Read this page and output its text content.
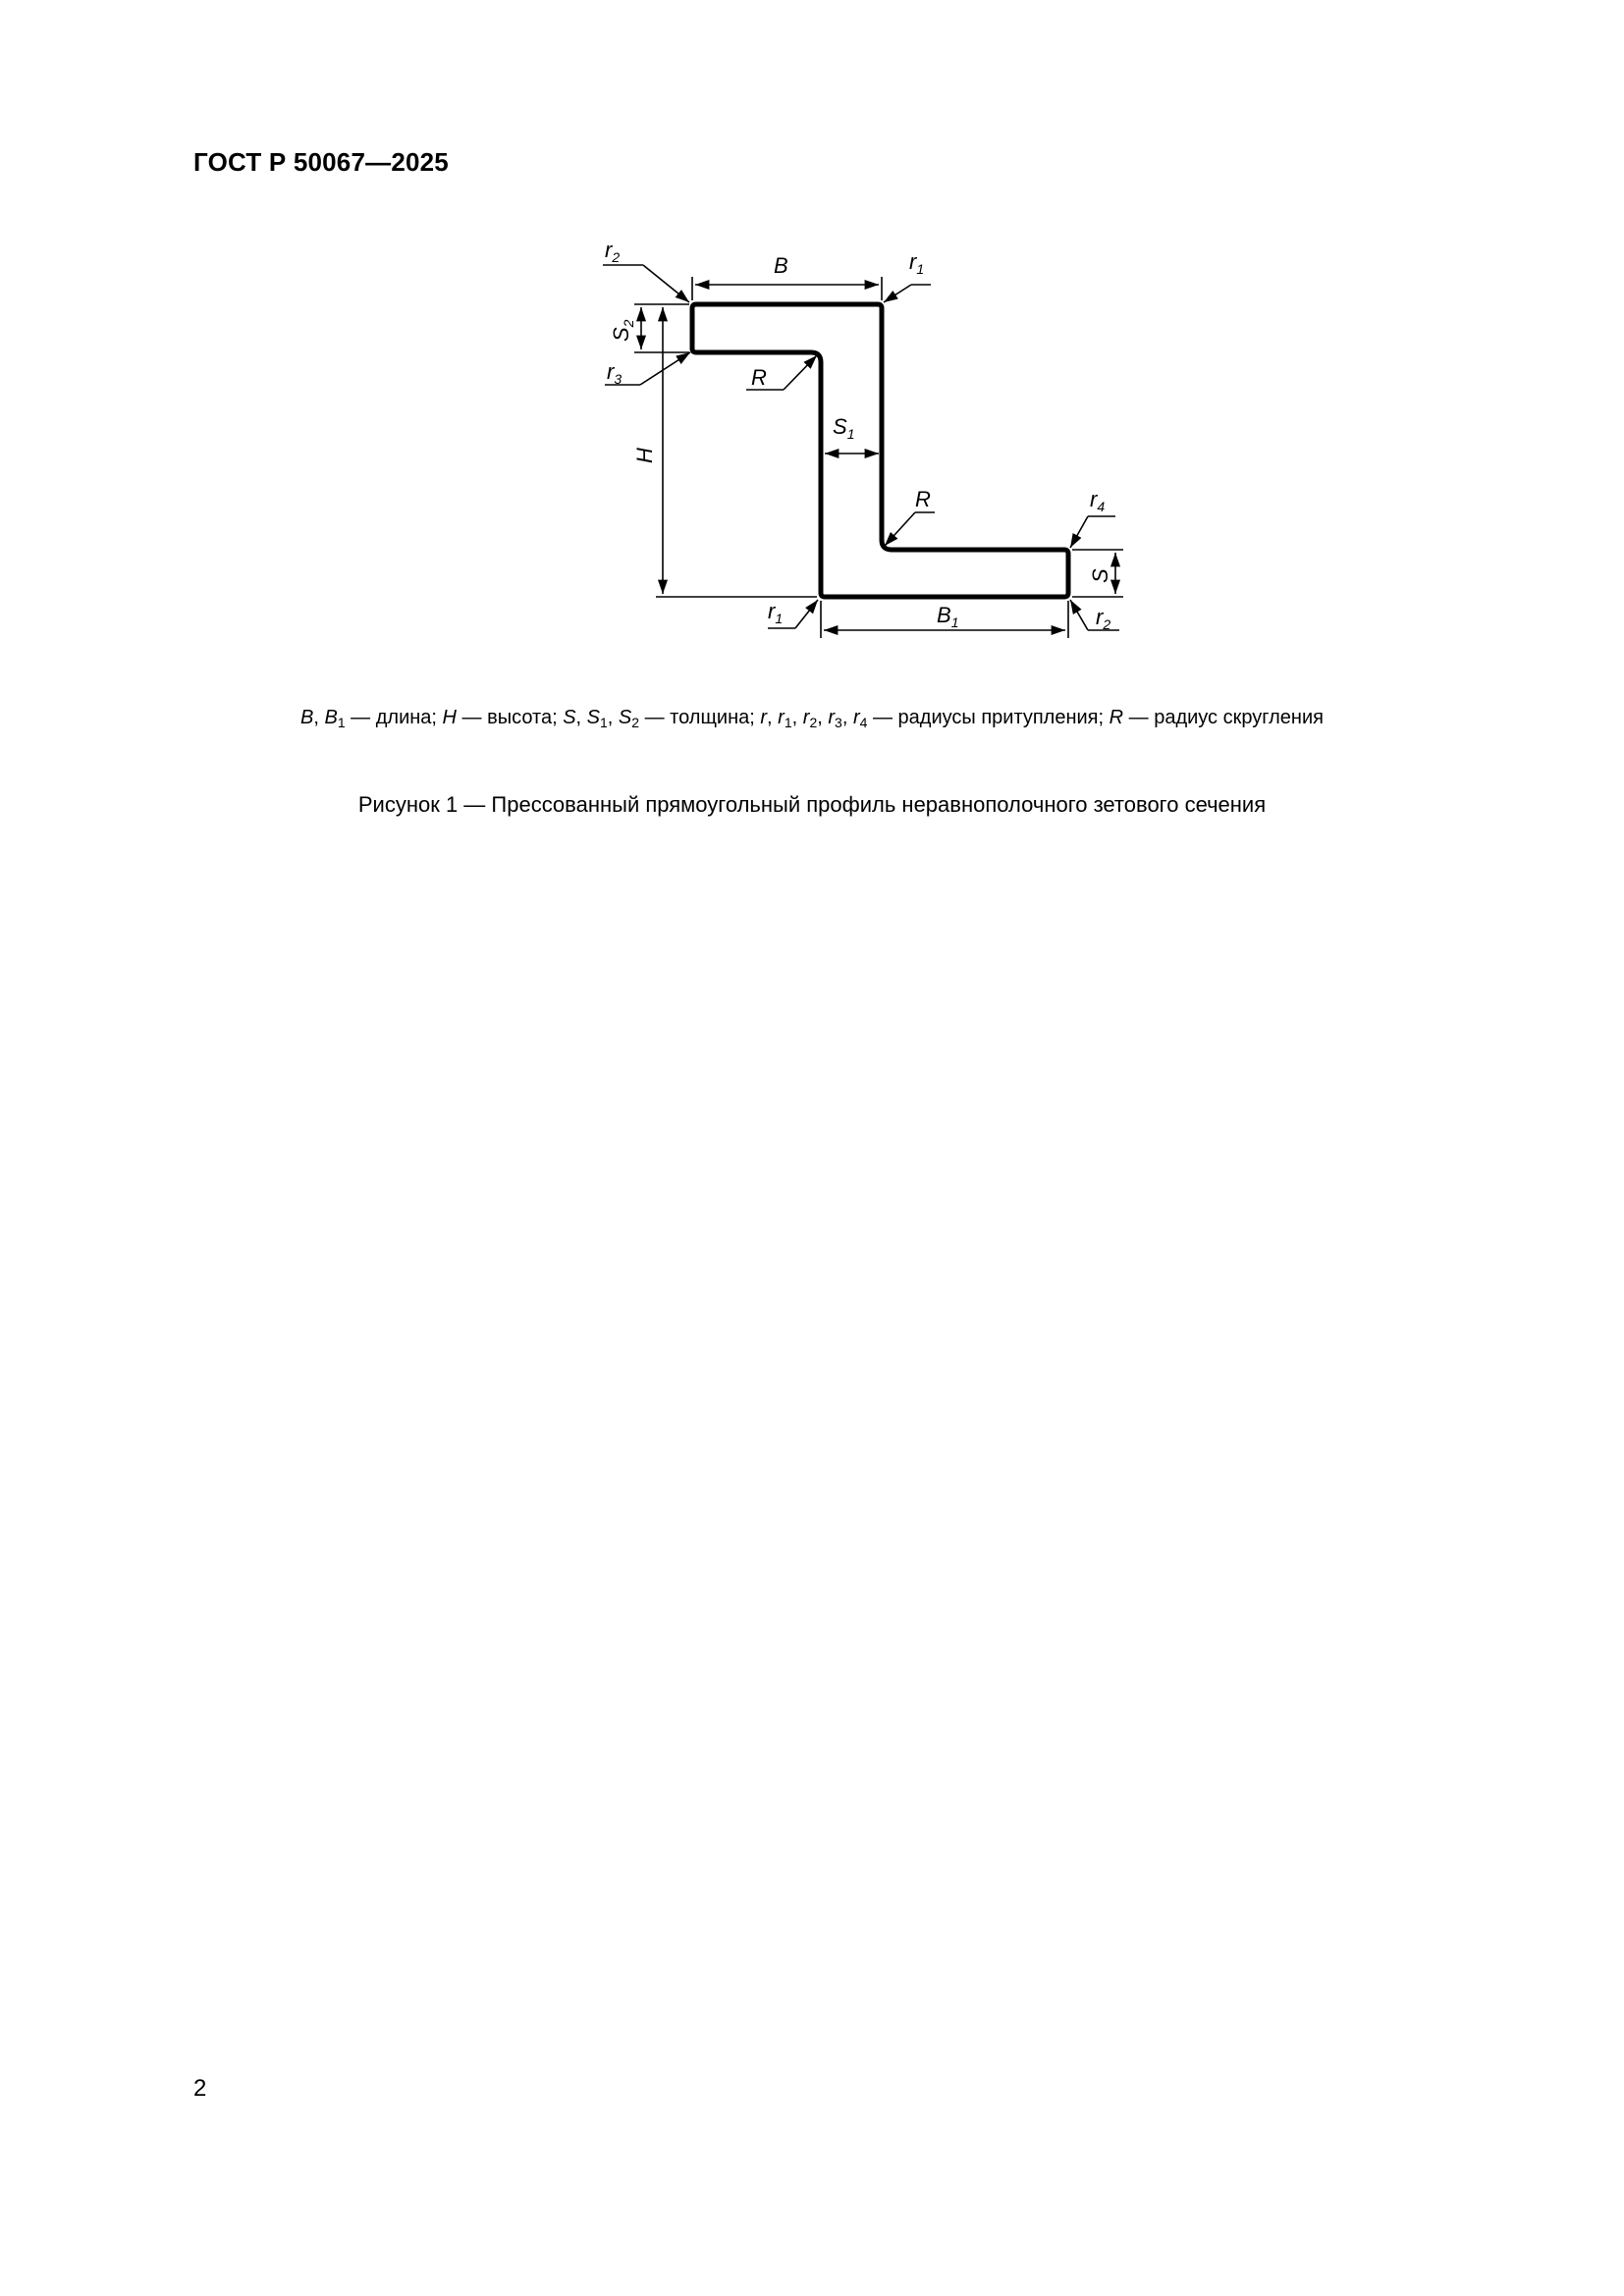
ГОСТ Р 50067—2025
B
$S_2$
H
$S_1$
$B_1$
S
$r_2$	$r_1$
$r_3$	R
R	$r_4$
$r_1$	$r_2$
B, $B_1$ — длина; H — высота; S, $S_1$, $S_2$ — толщина; r, $r_1$, $r_2$, $r_3$, $r_4$ — радиусы притупления; R — радиус скругления
Рисунок 1 — Прессованный прямоугольный профиль неравнополочного зетового сечения
2
